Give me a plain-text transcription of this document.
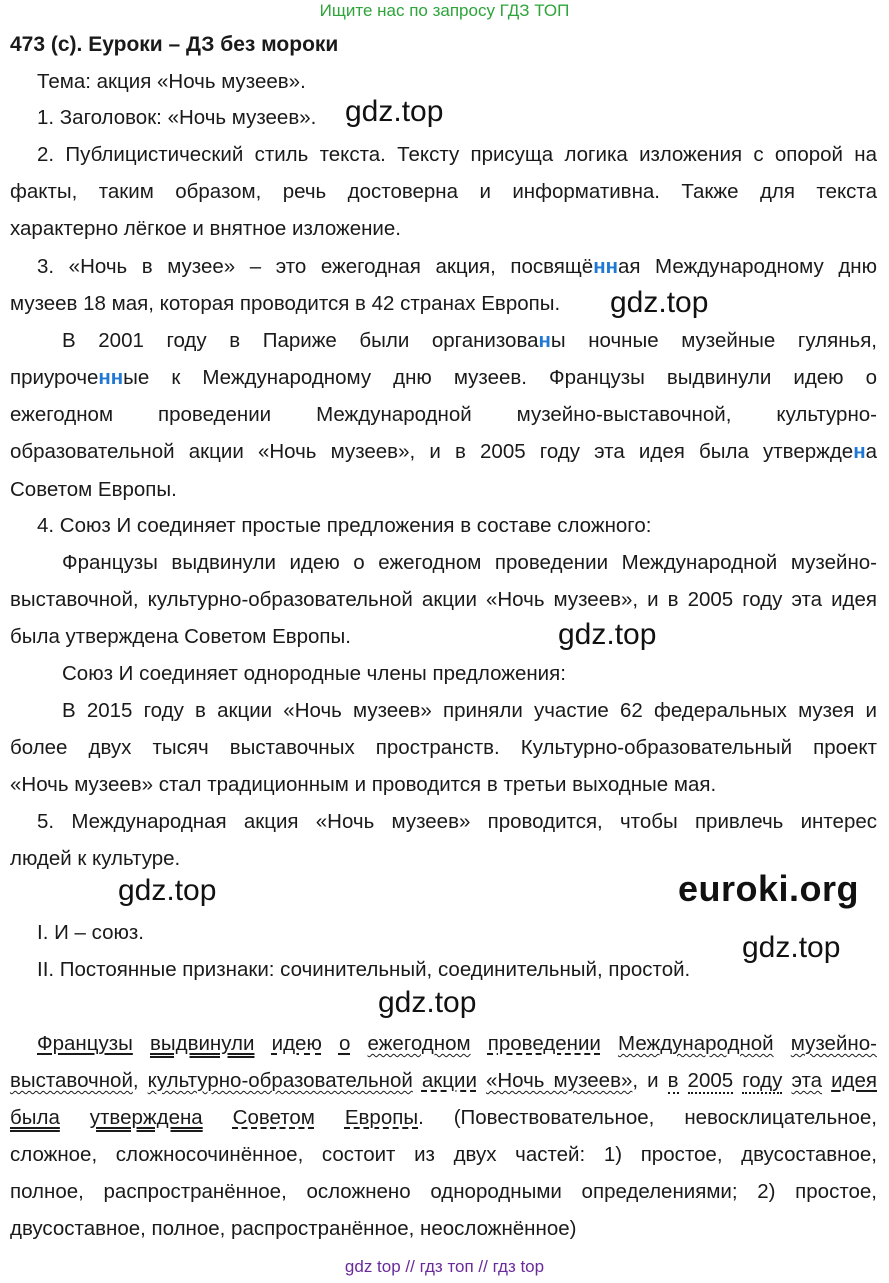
Ищите нас по запросу ГДЗ ТОП
473 (с). Еуроки – ДЗ без мороки
Тема: акция «Ночь музеев».
1. Заголовок: «Ночь музеев». gdz.top
2. Публицистический стиль текста. Тексту присуща логика изложения с опорой на
факты, таким образом, речь достоверна и информативна. Также для текста
характерно лёгкое и внятное изложение.
3. «Ночь в музее» – это ежегодная акция, посвящённая Международному дню
музеев 18 мая, которая проводится в 42 странах Европы.	gdz.top
В 2001 году в Париже были организованы ночные музейные гулянья,
приуроченные к Международному дню музеев. Французы выдвинули идею о
ежегодном проведении Международной музейно-выставочной, культурно-
образовательной акции «Ночь музеев», и в 2005 году эта идея была утверждена
Советом Европы.
4. Союз И соединяет простые предложения в составе сложного:
Французы выдвинули идею о ежегодном проведении Международной музейно-
выставочной, культурно-образовательной акции «Ночь музеев», и в 2005 году эта идея
была утверждена Советом Европы.	gdz.top
Союз И соединяет однородные члены предложения:
В 2015 году в акции «Ночь музеев» приняли участие 62 федеральных музея и
более двух тысяч выставочных пространств. Культурно-образовательный проект
«Ночь музеев» стал традиционным и проводится в третьи выходные мая.
5. Международная акция «Ночь музеев» проводится, чтобы привлечь интерес
людей к культуре.
gdz.top	euroki.org
I. И – союз.	gdz.top
II. Постоянные признаки: сочинительный, соединительный, простой.
gdz.top
Французы выдвинули идею о ежегодном проведении Международной музейно-
выставочной, культурно-образовательной акции «Ночь музеев», и в 2005 году эта идея
была утверждена Советом Европы. (Повествовательное, невосклицательное,
сложное, сложносочинённое, состоит из двух частей: 1) простое, двусоставное,
полное, распространённое, осложнено однородными определениями; 2) простое,
двусоставное, полное, распространённое, неосложнённое)
gdz top // гдз топ // гдз top
